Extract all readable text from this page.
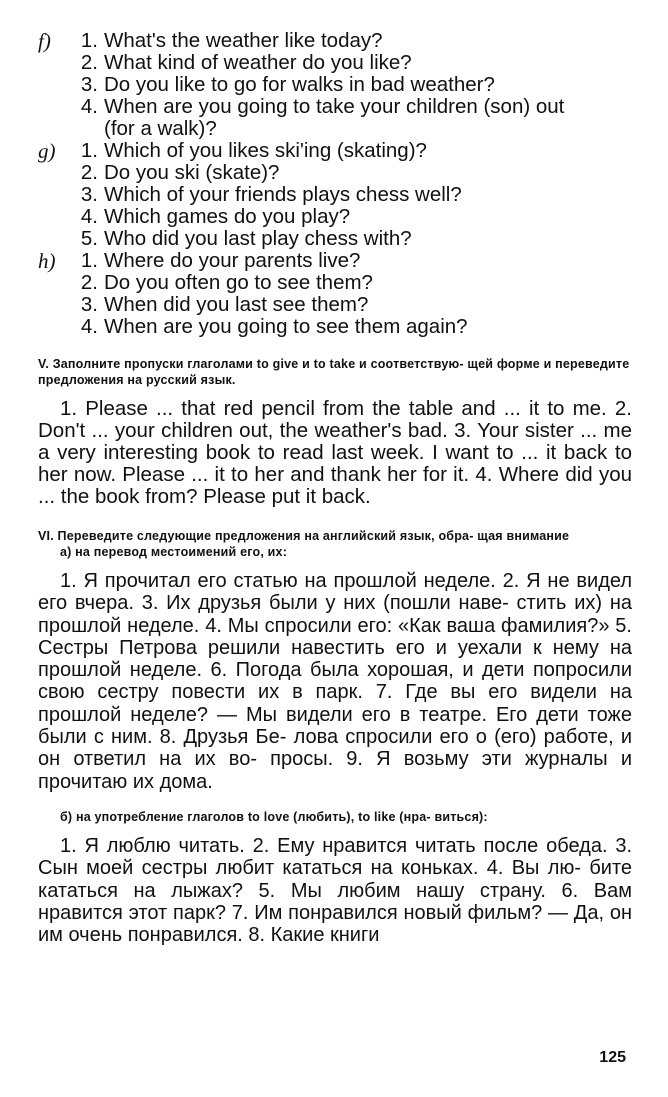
f)	1. What's the weather like today?
2. What kind of weather do you like?
3. Do you like to go for walks in bad weather?
4. When are you going to take your children (son) out
(for a walk)?
g)	1. Which of you likes ski'ing (skating)?
2. Do you ski (skate)?
3. Which of your friends plays chess well?
4. Which games do you play?
5. Who did you last play chess with?
h)	1. Where do your parents live?
2. Do you often go to see them?
3. When did you last see them?
4. When are you going to see them again?
V. Заполните пропуски глаголами to give и to take и соответствую- щей форме и переведите предложения на русский язык.
1. Please ... that red pencil from the table and ... it to me. 2. Don't ... your children out, the weather's bad. 3. Your sister ... me a very interesting book to read last week. I want to ... it back to her now. Please ... it to her and thank her for it. 4. Where did you ... the book from? Please put it back.
VI. Переведите следующие предложения на английский язык, обра- щая внимание
а) на перевод местоимений его, их:
1. Я прочитал его статью на прошлой неделе. 2. Я не видел его вчера. 3. Их друзья были у них (пошли наве- стить их) на прошлой неделе. 4. Мы спросили его: «Как ваша фамилия?» 5. Сестры Петрова решили навестить его и уехали к нему на прошлой неделе. 6. Погода была хорошая, и дети попросили свою сестру повести их в парк. 7. Где вы его видели на прошлой неделе? — Мы видели его в театре. Его дети тоже были с ним. 8. Друзья Бе- лова спросили его о (его) работе, и он ответил на их во- просы. 9. Я возьму эти журналы и прочитаю их дома.
б) на употребление глаголов to love (любить), to like (нра- виться):
1. Я люблю читать. 2. Ему нравится читать после обеда. 3. Сын моей сестры любит кататься на коньках. 4. Вы лю- бите кататься на лыжах? 5. Мы любим нашу страну. 6. Вам нравится этот парк? 7. Им понравился новый фильм? — Да, он им очень понравился. 8. Какие книги
125
